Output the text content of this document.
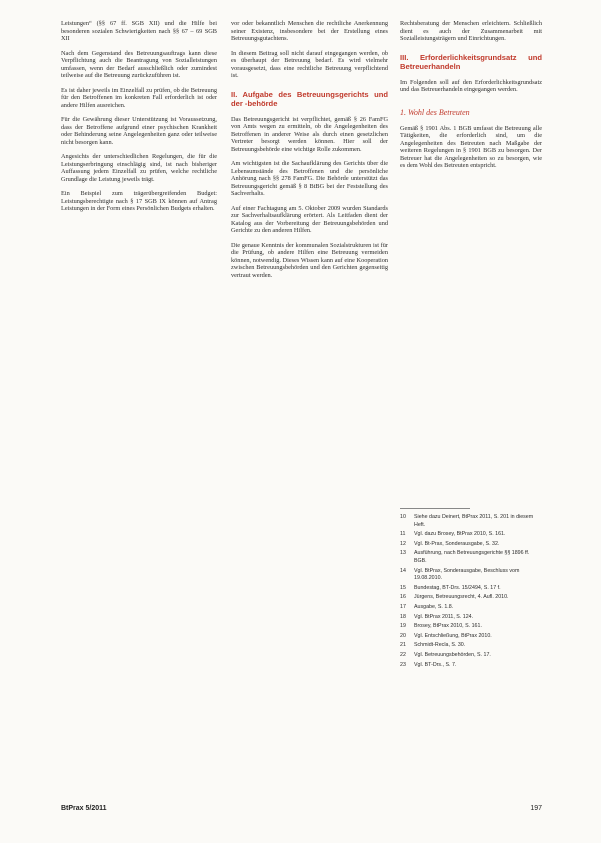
Leistungen“ (§§ 67 ff. SGB XII) und die Hilfe bei besonderen sozialen Schwierigkeiten nach §§ 67 – 69 SGB XII

Nach dem Gegenstand des Betreuungsauftrags kann diese Verpflichtung auch die Beantragung von Sozialleistungen umfassen, wenn der Bedarf ausschließlich oder zumindest teilweise auf die Betreuung zurückzuführen ist.

Es ist daher jeweils im Einzelfall zu prüfen, ob die Betreuung für den Betroffenen im konkreten Fall erforderlich ist oder andere Hilfen ausreichen.

Für die Gewährung dieser Unterstützung ist Voraussetzung, dass der Betroffene aufgrund einer psychischen Krankheit oder Behinderung seine Angelegenheiten ganz oder teilweise nicht besorgen kann.

Angesichts der unterschiedlichen Regelungen, die für die Leistungserbringung einschlägig sind, ist nach bisheriger Auffassung jedem Einzelfall zu prüfen, welche rechtliche Grundlage die Leistung jeweils trägt.

Ein Beispiel zum trägerübergreifenden Budget: Leistungsberechtigte nach § 17 SGB IX können auf Antrag Leistungen in der Form eines Persönlichen Budgets erhalten.

vor oder bekanntlich Menschen die rechtliche Anerkennung seiner Existenz, insbesondere bei der Erstellung eines Betreuungsgutachtens.

In diesem Beitrag soll nicht darauf eingegangen werden, ob es überhaupt der Betreuung bedarf. Es wird vielmehr vorausgesetzt, dass eine rechtliche Betreuung verpflichtend ist.

II. Aufgabe des Betreuungsgerichts und der -behörde

Das Betreuungsgericht ist verpflichtet, gemäß § 26 FamFG von Amts wegen zu ermitteln, ob die Angelegenheiten des Betroffenen in anderer Weise als durch einen gesetzlichen Vertreter besorgt werden können. Hier soll der Betreuungsbehörde eine wichtige Rolle zukommen.

Am wichtigsten ist die Sachaufklärung des Gerichts über die Lebensumstände des Betroffenen und die persönliche Anhörung nach §§ 278 FamFG. Die Behörde unterstützt das Betreuungsgericht gemäß § 8 BtBG bei der Feststellung des Sachverhalts.

Auf einer Fachtagung am 5. Oktober 2009 wurden Standards zur Sachverhaltsaufklärung erörtert. Als Leitfaden dient der Katalog aus der Vorbereitung der Betreuungsbehörden und Gerichte zu den anderen Hilfen.

Die genaue Kenntnis der kommunalen Sozialstrukturen ist für die Prüfung, ob andere Hilfen eine Betreuung vermeiden können, notwendig. Dieses Wissen kann auf eine Kooperation zwischen Betreuungsbehörden und den Gerichten gegenseitig vertraut werden.

Rechtsberatung der Menschen erleichtern. Schließlich dient es auch der Zusammenarbeit mit Sozialleistungsträgern und Einrichtungen.

III. Erforderlichkeitsgrundsatz und Betreuerhandeln

Im Folgenden soll auf den Erforderlichkeitsgrundsatz und das Betreuerhandeln eingegangen werden.

1. Wohl des Betreuten

Gemäß § 1901 Abs. 1 BGB umfasst die Betreuung alle Tätigkeiten, die erforderlich sind, um die Angelegenheiten des Betreuten nach Maßgabe der weiteren Regelungen in § 1901 BGB zu besorgen. Der Betreuer hat die Angelegenheiten so zu besorgen, wie es dem Wohl des Betreuten entspricht.

10	Siehe dazu Deinert, BtPrax 2011, S. 201 in diesem Heft.
11	Vgl. dazu Brosey, BtPrax 2010, S. 161.
12	Vgl. Bt-Prax, Sonderausgabe, S. 32.
13	Ausführung, nach Betreuungsgerichte §§ 1896 ff. BGB.
14	Vgl. BtPrax, Sonderausgabe, Beschluss vom 19.08.2010.
15	Bundestag, BT-Drs. 15/2494, S. 17 f.
16	Jürgens, Betreuungsrecht, 4. Aufl. 2010.
17	Ausgabe, S. 1.8.
18	Vgl. BtPrax 2011, S. 124.
19	Brosey, BtPrax 2010, S. 161.
20	Vgl. Entschließung, BtPrax 2010.
21	Schmidt-Recla, S. 30.
22	Vgl. Betreuungsbehörden, S. 17.
23	Vgl. BT-Drs., S. 7.
BtPrax 5/2011	197
